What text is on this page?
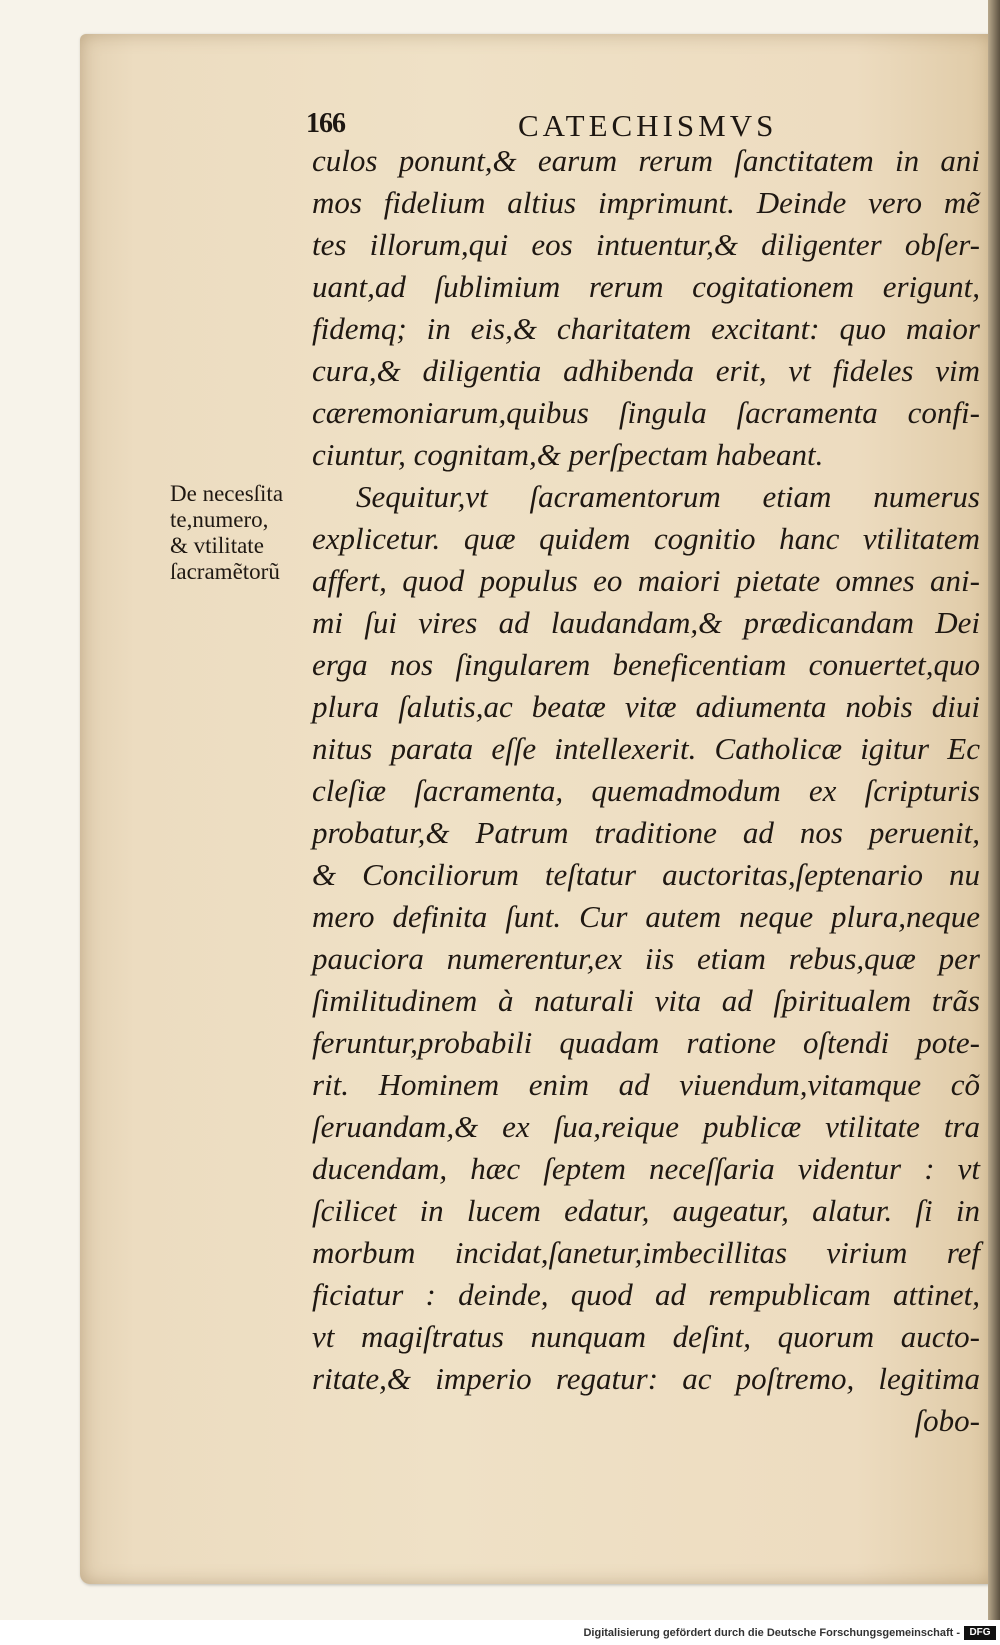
166	CATECHISMVS
De necesſita
te,numero,
& vtilitate
ſacramẽtorũ
culos ponunt,& earum rerum ſanctitatem in ani
mos fidelium altius imprimunt. Deinde vero mẽ
tes illorum,qui eos intuentur,& diligenter obſer-
uant,ad ſublimium rerum cogitationem erigunt,
fidemq; in eis,& charitatem excitant: quo maior
cura,& diligentia adhibenda erit, vt fideles vim
cæremoniarum,quibus ſingula ſacramenta confi-
ciuntur, cognitam,& perſpectam habeant.
Sequitur,vt ſacramentorum etiam numerus
explicetur. quæ quidem cognitio hanc vtilitatem
affert, quod populus eo maiori pietate omnes ani-
mi ſui vires ad laudandam,& prædicandam Dei
erga nos ſingularem beneficentiam conuertet,quo
plura ſalutis,ac beatæ vitæ adiumenta nobis diui
nitus parata eſſe intellexerit. Catholicæ igitur Ec
cleſiæ ſacramenta, quemadmodum ex ſcripturis
probatur,& Patrum traditione ad nos peruenit,
& Conciliorum teſtatur auctoritas,ſeptenario nu
mero definita ſunt. Cur autem neque plura,neque
pauciora numerentur,ex iis etiam rebus,quæ per
ſimilitudinem à naturali vita ad ſpiritualem trãs
feruntur,probabili quadam ratione oſtendi pote-
rit. Hominem enim ad viuendum,vitamque cõ
ſeruandam,& ex ſua,reique publicæ vtilitate tra
ducendam, hæc ſeptem neceſſaria videntur : vt
ſcilicet in lucem edatur, augeatur, alatur. ſi in
morbum incidat,ſanetur,imbecillitas virium ref
ficiatur : deinde, quod ad rempublicam attinet,
vt magiſtratus nunquam deſint, quorum aucto-
ritate,& imperio regatur: ac poſtremo, legitima
ſobo-
Digitalisierung gefördert durch die Deutsche Forschungsgemeinschaft - DFG
